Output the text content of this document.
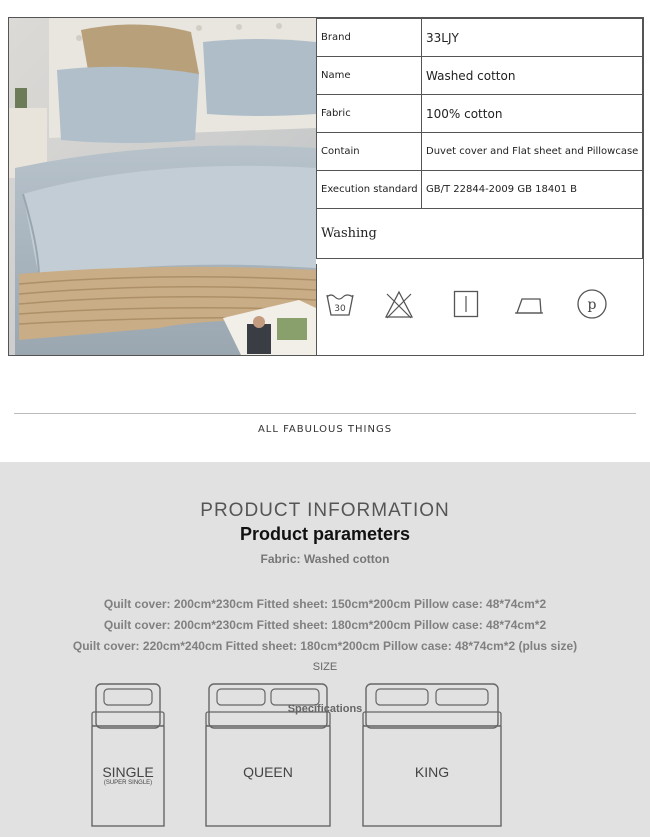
Brand	33LJY
Name	Washed cotton
Fabric	100% cotton
Contain	Duvet cover and Flat sheet and Pillowcase
Execution standard	GB/T 22844-2009 GB 18401 B
Washing	
30	p
ALL FABULOUS THINGS
PRODUCT INFORMATION
Product parameters
Fabric: Washed cotton
Quilt cover: 200cm*230cm Fitted sheet: 150cm*200cm Pillow case: 48*74cm*2
Quilt cover: 200cm*230cm Fitted sheet: 180cm*200cm Pillow case: 48*74cm*2
Quilt cover: 220cm*240cm Fitted sheet: 180cm*200cm Pillow case: 48*74cm*2 (plus size)
SIZE
SINGLE
(SUPER SINGLE)
QUEEN	KING
Specifications
